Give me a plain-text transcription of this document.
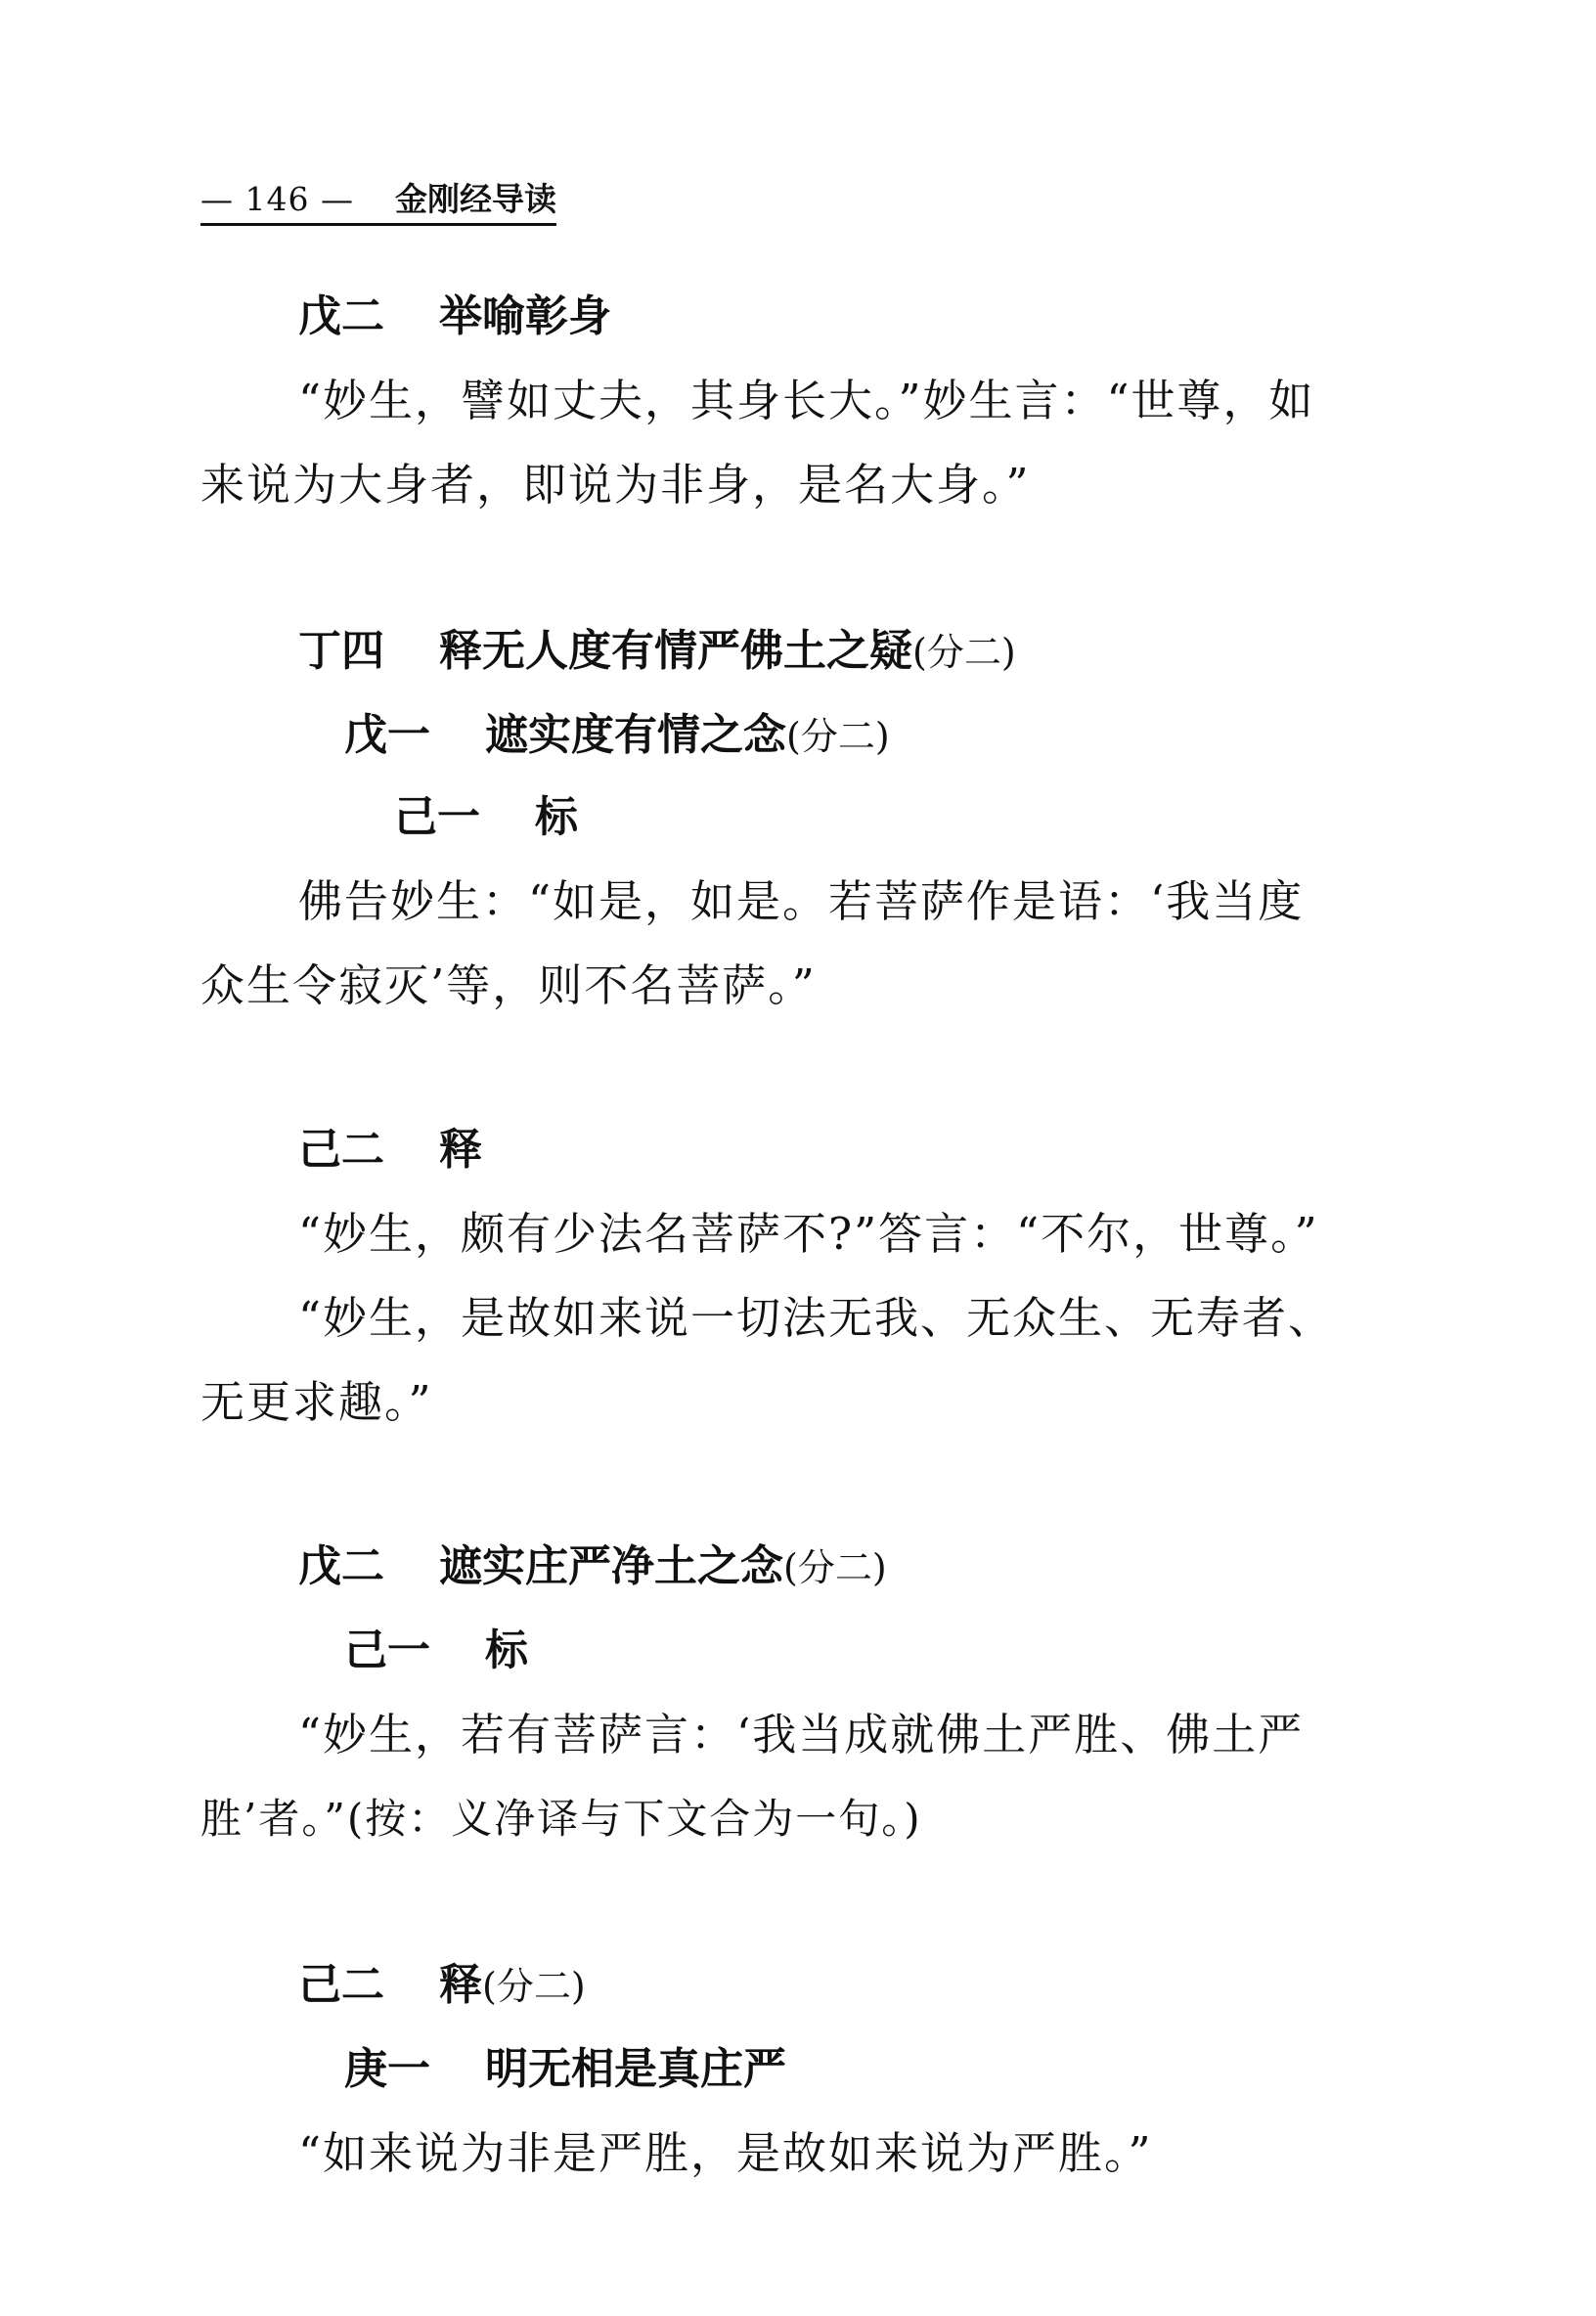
— 146 — 金刚经导读
戊二 举喻彰身
“妙生，譬如丈夫，其身长大。”妙生言：“世尊，如
来说为大身者，即说为非身，是名大身。”
丁四 释无人度有情严佛土之疑(分二)
戊一 遮实度有情之念(分二)
己一 标
佛告妙生：“如是，如是。若菩萨作是语：‘我当度
众生令寂灭’等，则不名菩萨。”
己二 释
“妙生，颇有少法名菩萨不?”答言：“不尔，世尊。”
“妙生，是故如来说一切法无我、无众生、无寿者、
无更求趣。”
戊二 遮实庄严净土之念(分二)
己一 标
“妙生，若有菩萨言：‘我当成就佛土严胜、佛土严
胜’者。”(按：义净译与下文合为一句。)
己二 释(分二)
庚一 明无相是真庄严
“如来说为非是严胜，是故如来说为严胜。”
